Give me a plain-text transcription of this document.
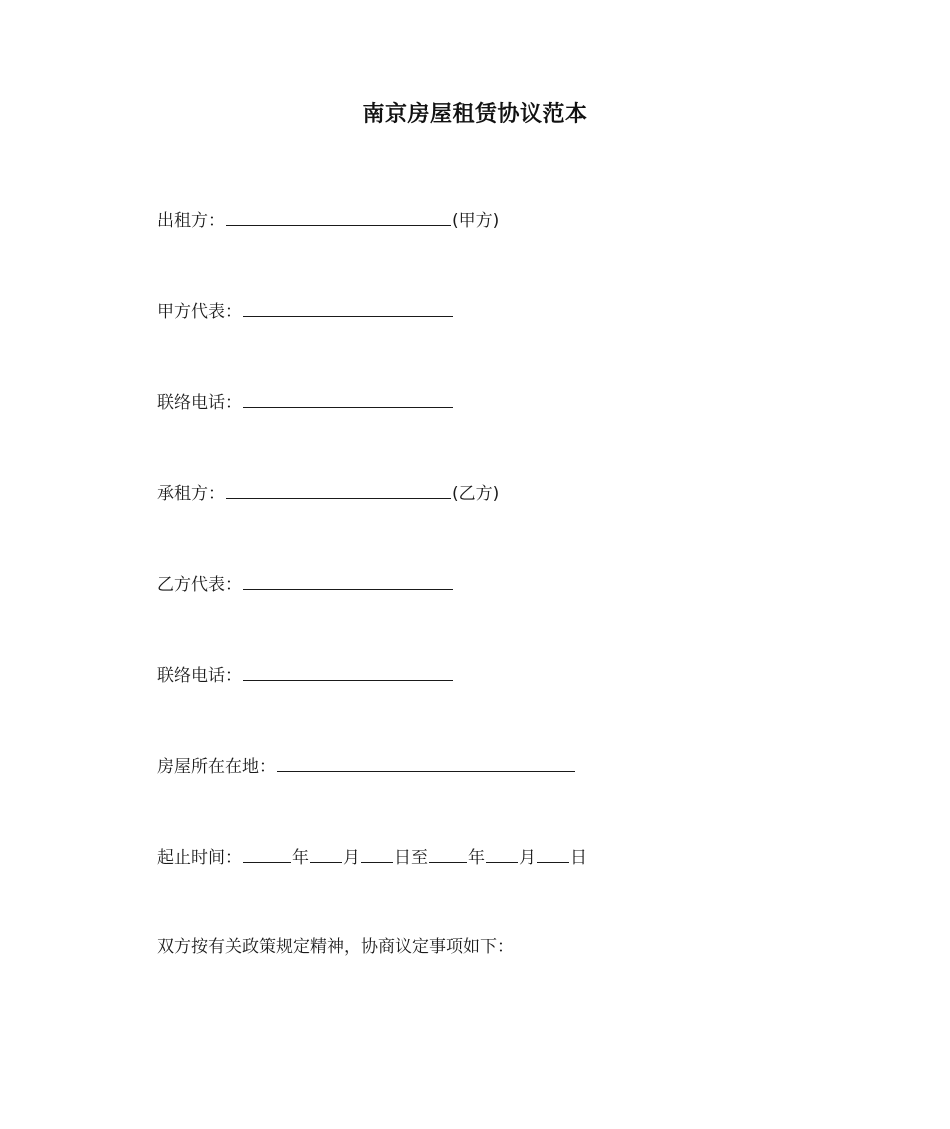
南京房屋租赁协议范本
出租方：	(甲方)
甲方代表：
联络电话：
承租方：	(乙方)
乙方代表：
联络电话：
房屋所在在地：
起止时间：	年 月 日至 年 月 日
双方按有关政策规定精神，协商议定事项如下：
